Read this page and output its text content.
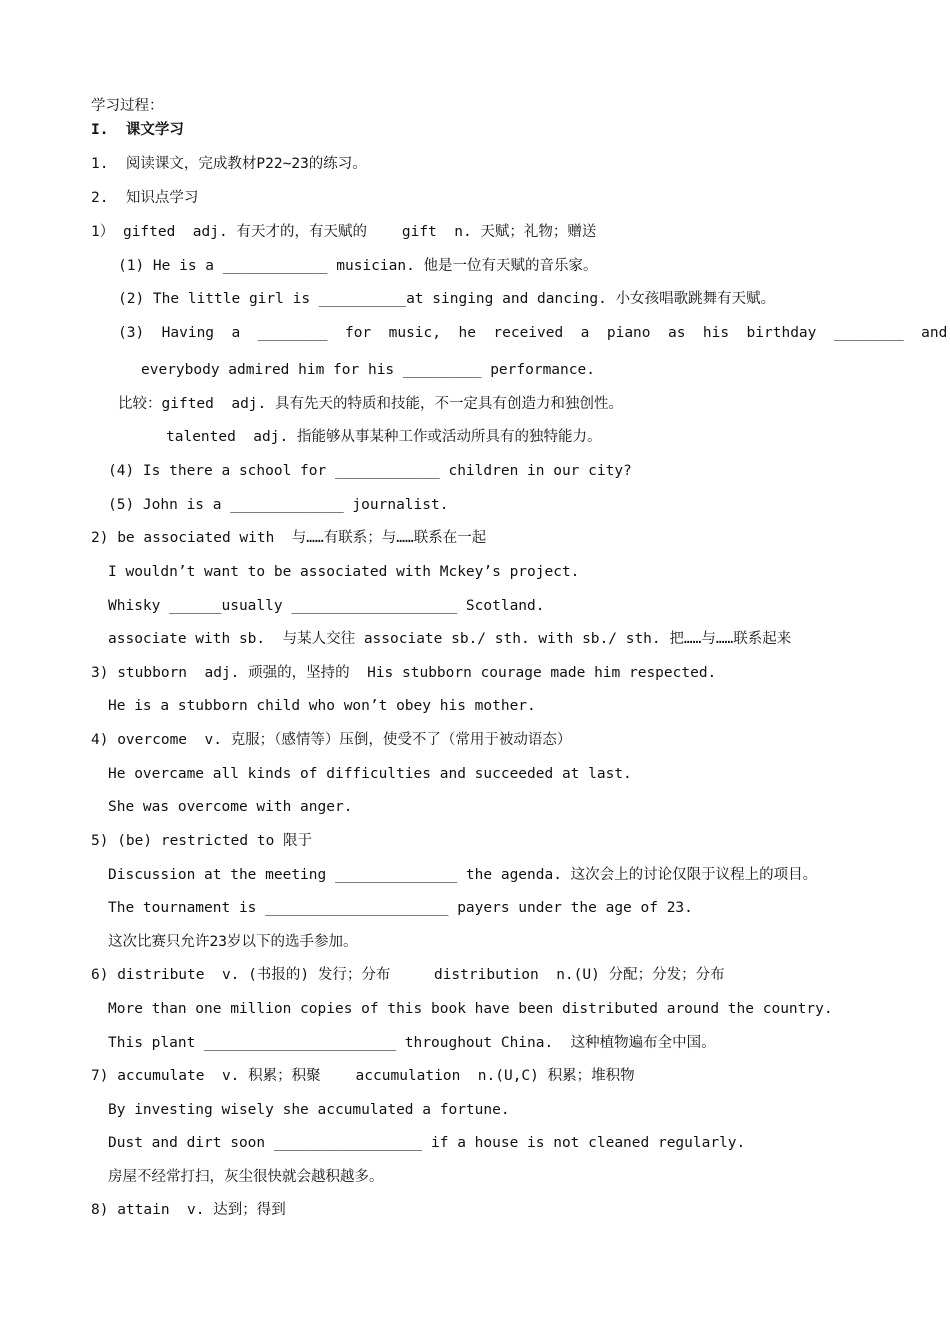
学习过程：
I.  课文学习
1.  阅读课文，完成教材P22~23的练习。
2.  知识点学习
1） gifted  adj. 有天才的，有天赋的    gift  n. 天赋；礼物；赠送
(1) He is a ____________ musician. 他是一位有天赋的音乐家。
(2) The little girl is __________at singing and dancing. 小女孩唱歌跳舞有天赋。
(3)  Having  a  ________  for  music,  he  received  a  piano  as  his  birthday  ________  and
everybody admired him for his _________ performance.
比较：gifted  adj. 具有先天的特质和技能，不一定具有创造力和独创性。
talented  adj. 指能够从事某种工作或活动所具有的独特能力。
(4) Is there a school for ____________ children in our city?
(5) John is a _____________ journalist.
2) be associated with  与……有联系；与……联系在一起
I wouldn’t want to be associated with Mckey’s project.
Whisky ______usually ___________________ Scotland.
associate with sb.  与某人交往 associate sb./ sth. with sb./ sth. 把……与……联系起来
3) stubborn  adj. 顽强的，坚持的  His stubborn courage made him respected.
He is a stubborn child who won’t obey his mother.
4) overcome  v. 克服；（感情等）压倒，使受不了（常用于被动语态）
He overcame all kinds of difficulties and succeeded at last.
She was overcome with anger.
5) (be) restricted to 限于
Discussion at the meeting ______________ the agenda. 这次会上的讨论仅限于议程上的项目。
The tournament is _____________________ payers under the age of 23.
这次比赛只允许23岁以下的选手参加。
6) distribute  v. (书报的) 发行；分布     distribution  n.(U) 分配；分发；分布
More than one million copies of this book have been distributed around the country.
This plant ______________________ throughout China.  这种植物遍布全中国。
7) accumulate  v. 积累；积聚    accumulation  n.(U,C) 积累；堆积物
By investing wisely she accumulated a fortune.
Dust and dirt soon _________________ if a house is not cleaned regularly.
房屋不经常打扫，灰尘很快就会越积越多。
8) attain  v. 达到；得到
